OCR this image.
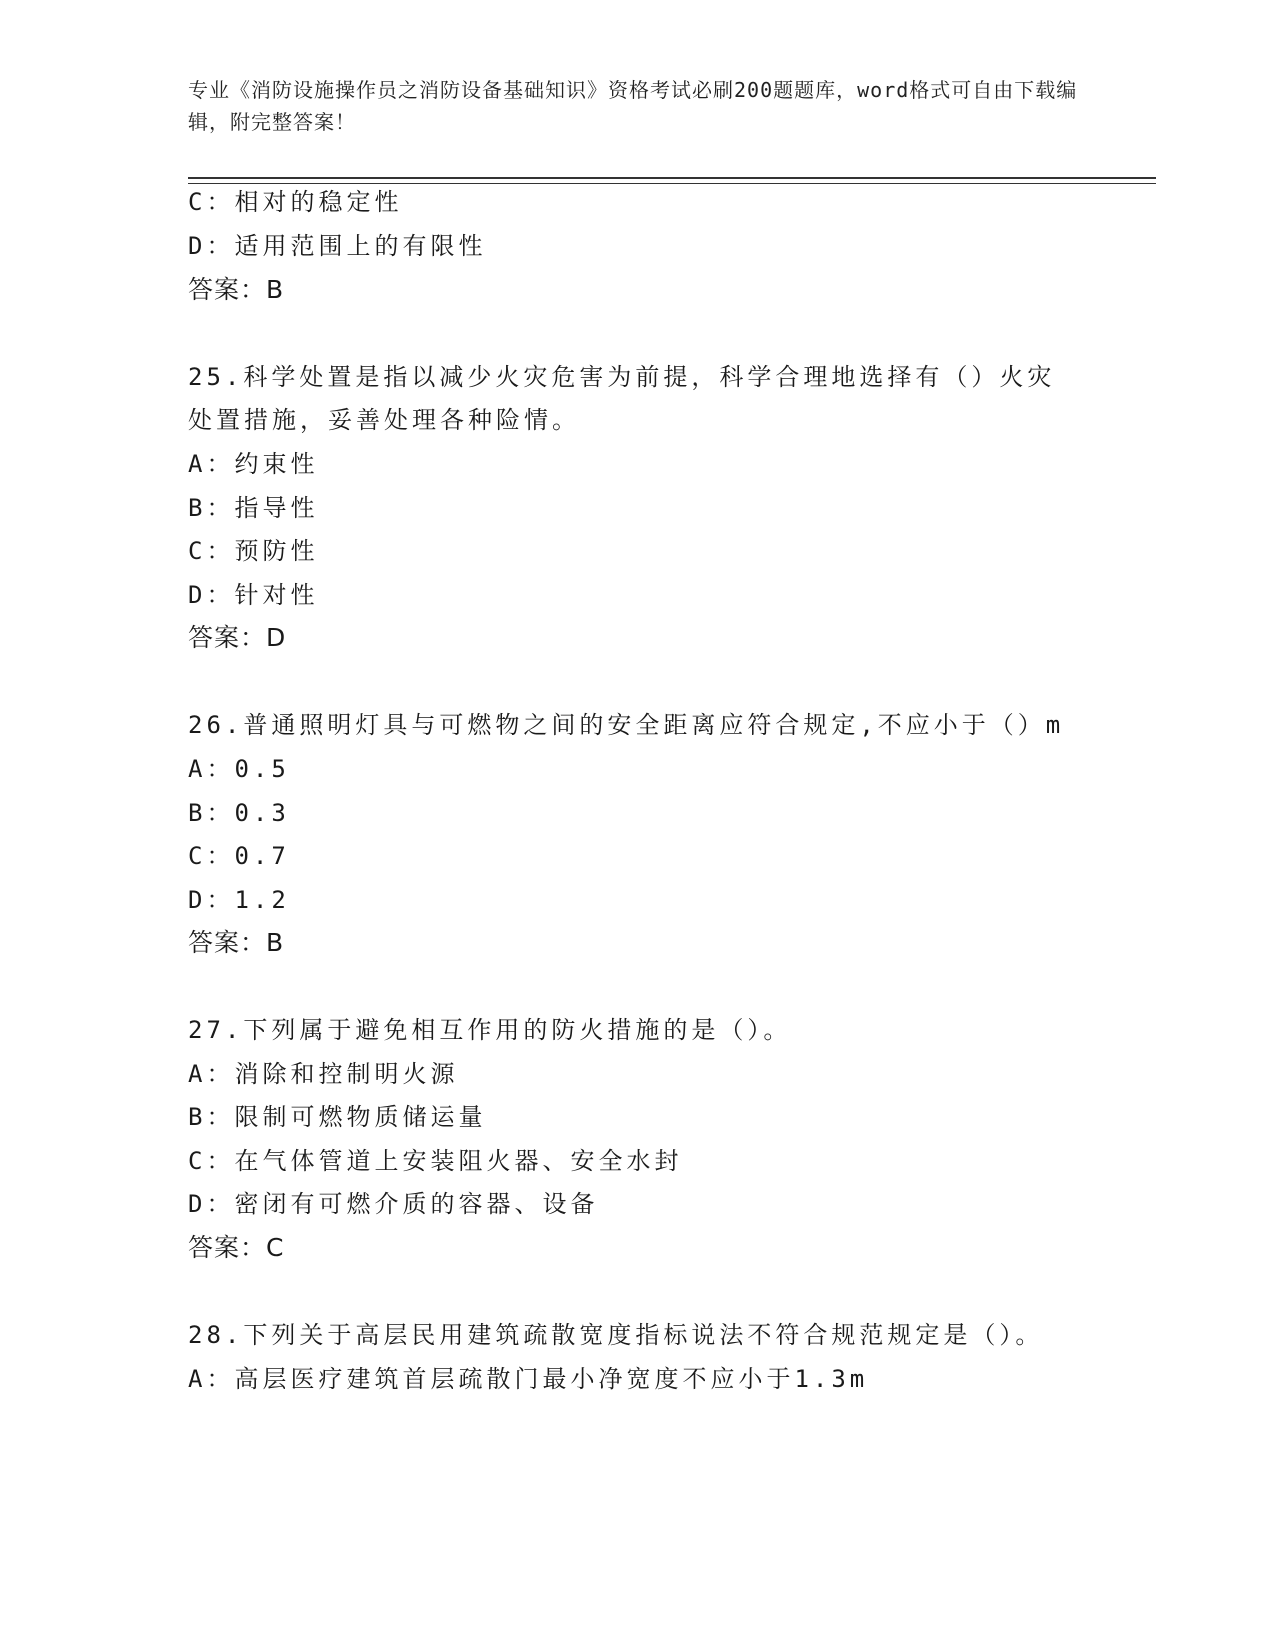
专业《消防设施操作员之消防设备基础知识》资格考试必刷200题题库，word格式可自由下载编辑，附完整答案！
C：相对的稳定性
D：适用范围上的有限性
答案：B
25.科学处置是指以减少火灾危害为前提，科学合理地选择有（）火灾
处置措施，妥善处理各种险情。
A：约束性
B：指导性
C：预防性
D：针对性
答案：D
26.普通照明灯具与可燃物之间的安全距离应符合规定,不应小于（）m
A：0.5
B：0.3
C：0.7
D：1.2
答案：B
27.下列属于避免相互作用的防火措施的是（）。
A：消除和控制明火源
B：限制可燃物质储运量
C：在气体管道上安装阻火器、安全水封
D：密闭有可燃介质的容器、设备
答案：C
28.下列关于高层民用建筑疏散宽度指标说法不符合规范规定是（）。
A：高层医疗建筑首层疏散门最小净宽度不应小于1.3m
